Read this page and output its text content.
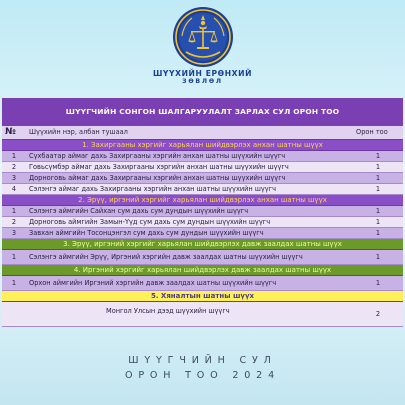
ШҮҮХИЙН ЕРӨНХИЙ
ЗӨВЛӨЛ
ШҮҮГЧИЙН СОНГОН ШАЛГАРУУЛАЛТ ЗАРЛАХ СУЛ ОРОН ТОО		
№	Шүүхийн нэр, албан тушаал	Орон тоо
1. Захиргааны хэргийг харьялан шийдвэрлэх анхан шатны шүүх		
1	Сүхбаатар аймаг дахь Захиргааны хэргийн анхан шатны шүүхийн шүүгч	1
2	Говьсүмбэр аймаг дахь Захиргааны хэргийн анхан шатны шүүхийн шүүгч	1
3	Дорноговь аймаг дахь Захиргааны хэргийн анхан шатны шүүхийн шүүгч	1
4	Сэлэнгэ аймаг дахь Захиргааны хэргийн анхан шатны шүүхийн шүүгч	1
2. Эрүү, иргэний хэргийг харьялан шийдвэрлэх анхан шатны шүүх		
1	Сэлэнгэ аймгийн Сайхан сум дахь сум дундын шүүхийн шүүгч	1
2	Дорноговь аймгийн Замын-Үүд сум дахь сум дундын шүүхийн шүүгч	1
3	Завхан аймгийн Тосонцэнгэл сум дахь сум дундын шүүхийн шүүгч	1
3. Эрүү, иргэний хэргийг харьялан шийдвэрлэх давж заалдах шатны шүүх		
1	Сэлэнгэ аймгийн Эрүү, Иргэний хэргийн давж заалдах шатны шүүхийн шүүгч	1
4. Иргэний хэргийг харьялан шийдвэрлэх давж заалдах шатны шүүх		
1	Орхон аймгийн Иргэний хэргийн давж заалдах шатны шүүхийн шүүгч	1
5. Хяналтын шатны шүүх		
	Монгол Улсын дээд шүүхийн шүүгч	2
ШҮҮГЧИЙН СУЛ
ОРОН ТОО 2024
